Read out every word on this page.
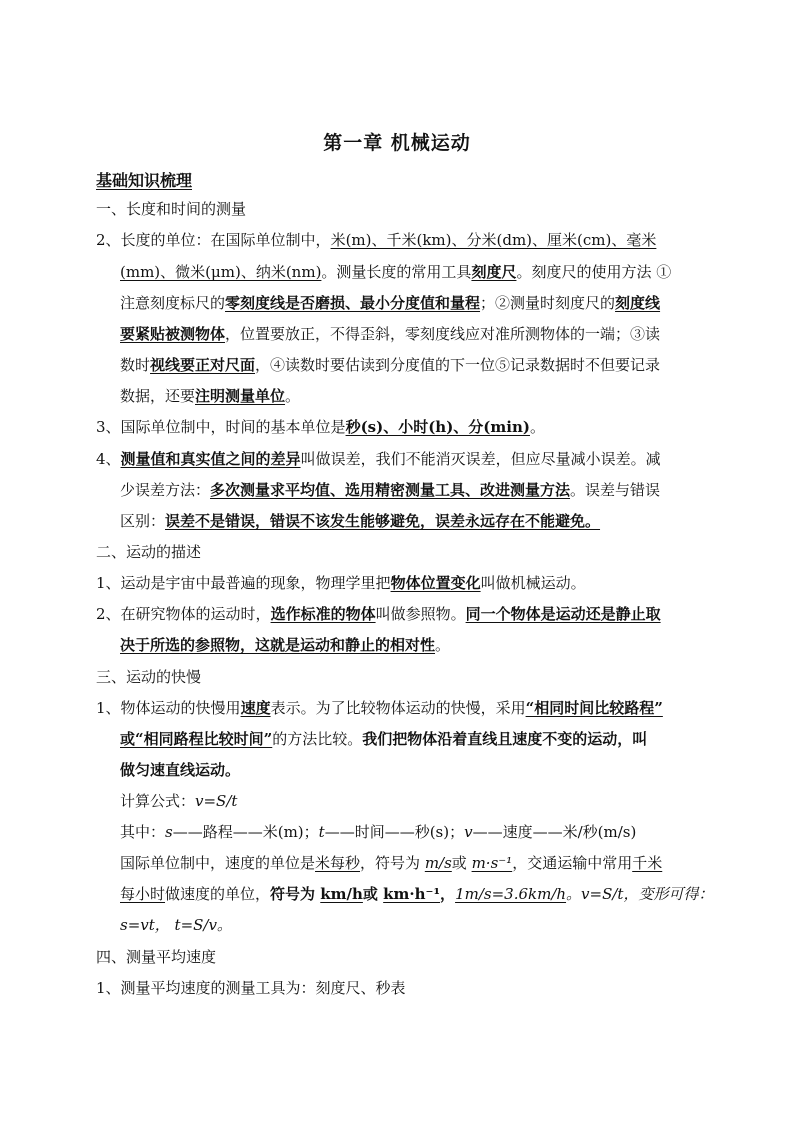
第一章 机械运动
基础知识梳理
一、长度和时间的测量
2、长度的单位：在国际单位制中，米(m)、千米(km)、分米(dm)、厘米(cm)、毫米
(mm)、微米(μm)、纳米(nm)。测量长度的常用工具刻度尺。刻度尺的使用方法 ①
注意刻度标尺的零刻度线是否磨损、最小分度值和量程；②测量时刻度尺的刻度线
要紧贴被测物体，位置要放正，不得歪斜，零刻度线应对准所测物体的一端；③读
数时视线要正对尺面，④读数时要估读到分度值的下一位⑤记录数据时不但要记录
数据，还要注明测量单位。
3、国际单位制中，时间的基本单位是秒(s)、小时(h)、分(min)。
4、测量值和真实值之间的差异叫做误差，我们不能消灭误差，但应尽量减小误差。减
少误差方法：多次测量求平均值、选用精密测量工具、改进测量方法。误差与错误
区别：误差不是错误，错误不该发生能够避免，误差永远存在不能避免。
二、运动的描述
1、运动是宇宙中最普遍的现象，物理学里把物体位置变化叫做机械运动。
2、在研究物体的运动时，选作标准的物体叫做参照物。同一个物体是运动还是静止取
决于所选的参照物，这就是运动和静止的相对性。
三、运动的快慢
1、物体运动的快慢用速度表示。为了比较物体运动的快慢，采用“相同时间比较路程”
或“相同路程比较时间”的方法比较。我们把物体沿着直线且速度不变的运动，叫
做匀速直线运动。
计算公式：v=S/t
其中：s——路程——米(m)；t——时间——秒(s)；v——速度——米/秒(m/s)
国际单位制中，速度的单位是米每秒，符号为 m/s或 m·s⁻¹，交通运输中常用千米
每小时做速度的单位，符号为 km/h或 km·h⁻¹，1m/s=3.6km/h。v=S/t，变形可得：
s=vt， t=S/v。
四、测量平均速度
1、测量平均速度的测量工具为：刻度尺、秒表
